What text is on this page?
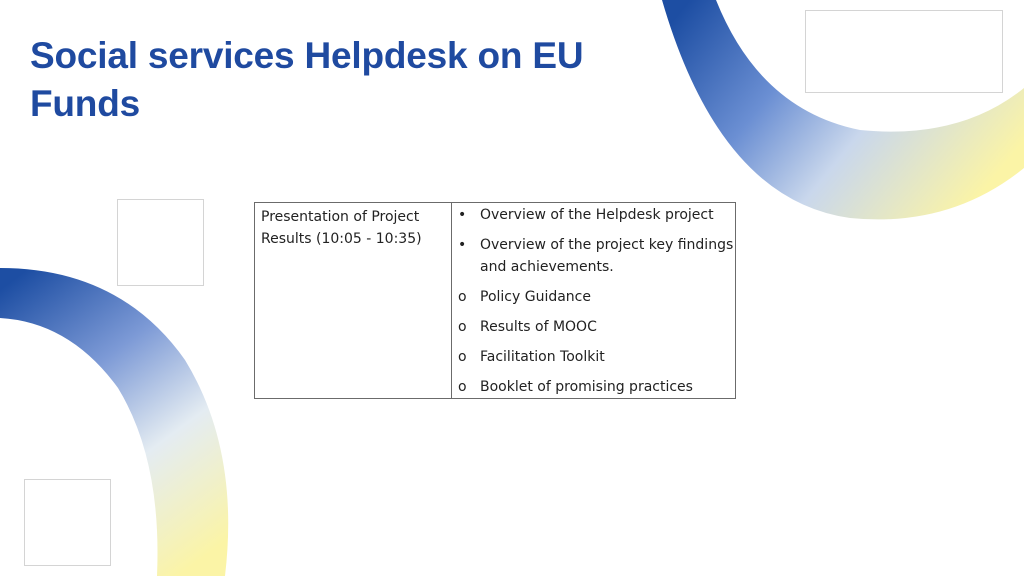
Social services Helpdesk on EU Funds
Presentation of Project Results (10:05 - 10:35)

• Overview of the Helpdesk project
• Overview of the project key findings and achievements.
o Policy Guidance
o Results of MOOC
o Facilitation Toolkit
o Booklet of promising practices
